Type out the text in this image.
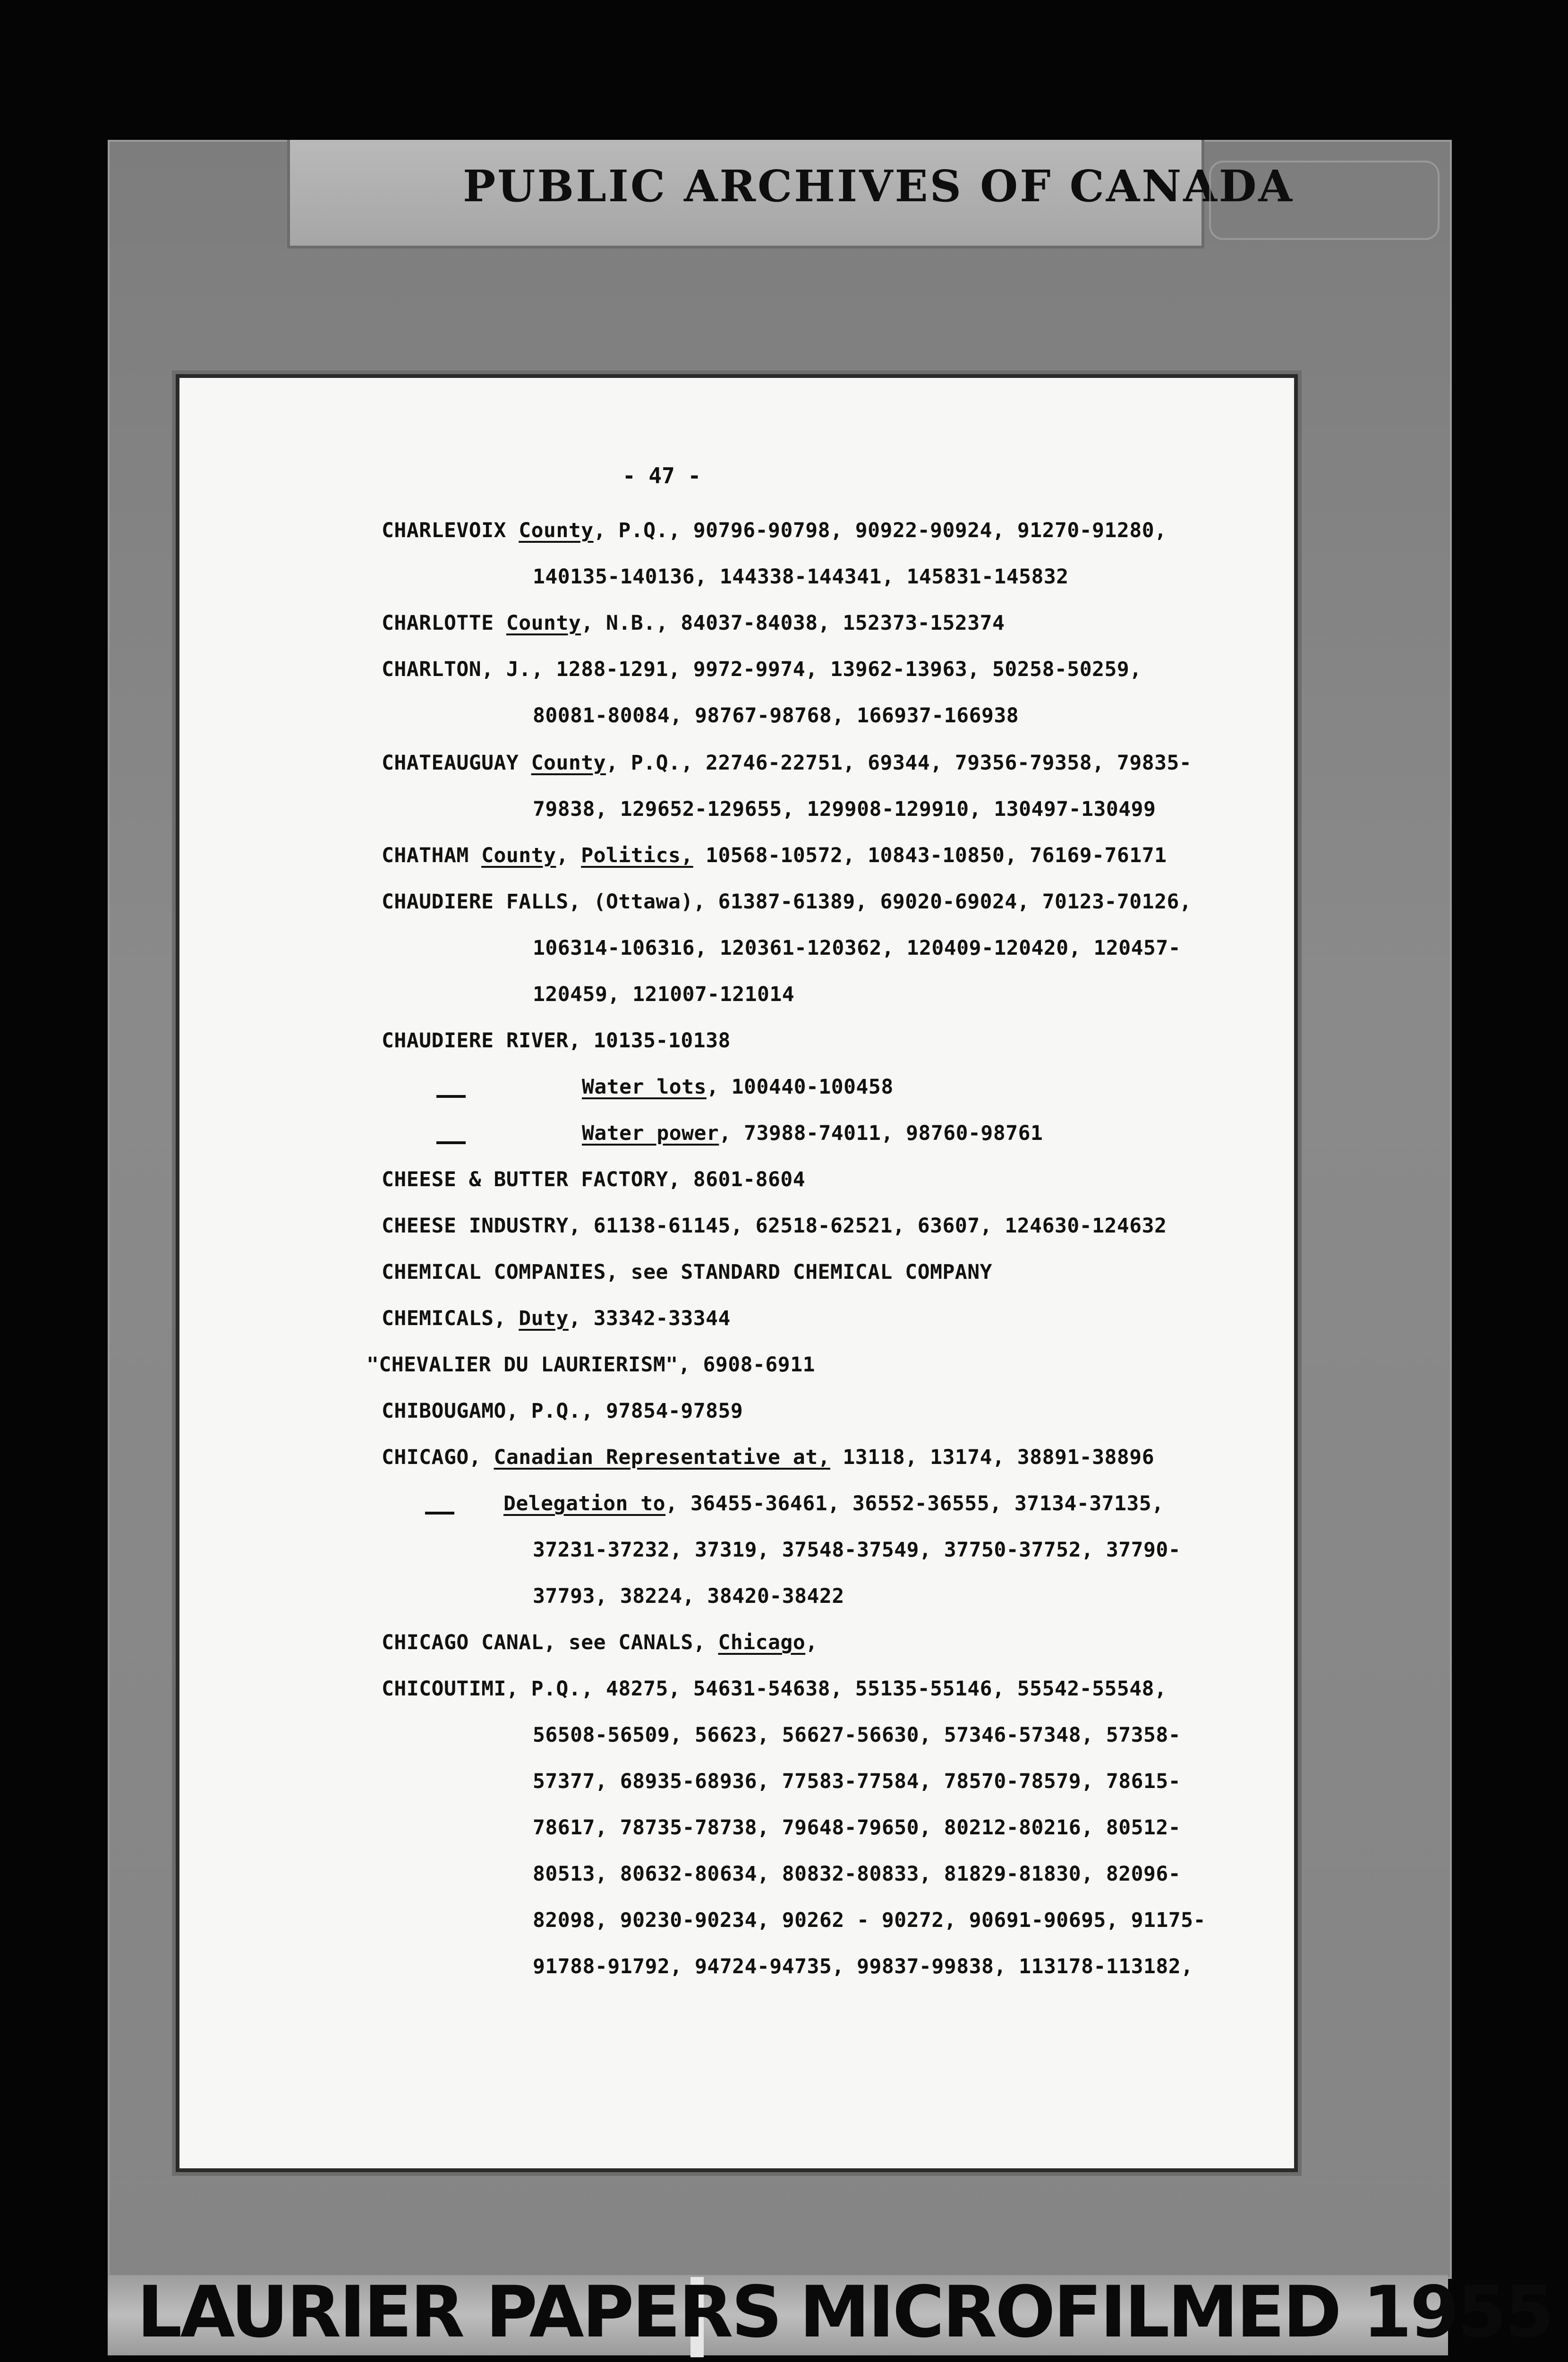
PUBLIC ARCHIVES OF CANADA
- 47 -
CHARLEVOIX County, P.Q., 90796-90798, 90922-90924, 91270-91280,
140135-140136, 144338-144341, 145831-145832
CHARLOTTE County, N.B., 84037-84038, 152373-152374
CHARLTON, J., 1288-1291, 9972-9974, 13962-13963, 50258-50259,
80081-80084, 98767-98768, 166937-166938
CHATEAUGUAY County, P.Q., 22746-22751, 69344, 79356-79358, 79835-
79838, 129652-129655, 129908-129910, 130497-130499
CHATHAM County, Politics, 10568-10572, 10843-10850, 76169-76171
CHAUDIERE FALLS, (Ottawa), 61387-61389, 69020-69024, 70123-70126,
106314-106316, 120361-120362, 120409-120420, 120457-
120459, 121007-121014
CHAUDIERE RIVER, 10135-10138
Water lots, 100440-100458
Water power, 73988-74011, 98760-98761
CHEESE & BUTTER FACTORY, 8601-8604
CHEESE INDUSTRY, 61138-61145, 62518-62521, 63607, 124630-124632
CHEMICAL COMPANIES, see STANDARD CHEMICAL COMPANY
CHEMICALS, Duty, 33342-33344
"CHEVALIER DU LAURIERISM", 6908-6911
CHIBOUGAMO, P.Q., 97854-97859
CHICAGO, Canadian Representative at, 13118, 13174, 38891-38896
Delegation to, 36455-36461, 36552-36555, 37134-37135,
37231-37232, 37319, 37548-37549, 37750-37752, 37790-
37793, 38224, 38420-38422
CHICAGO CANAL, see CANALS, Chicago,
CHICOUTIMI, P.Q., 48275, 54631-54638, 55135-55146, 55542-55548,
56508-56509, 56623, 56627-56630, 57346-57348, 57358-
57377, 68935-68936, 77583-77584, 78570-78579, 78615-
78617, 78735-78738, 79648-79650, 80212-80216, 80512-
80513, 80632-80634, 80832-80833, 81829-81830, 82096-
82098, 90230-90234, 90262 - 90272, 90691-90695, 91175-
91788-91792, 94724-94735, 99837-99838, 113178-113182,
LAURIER PAPERS MICROFILMED 1955
